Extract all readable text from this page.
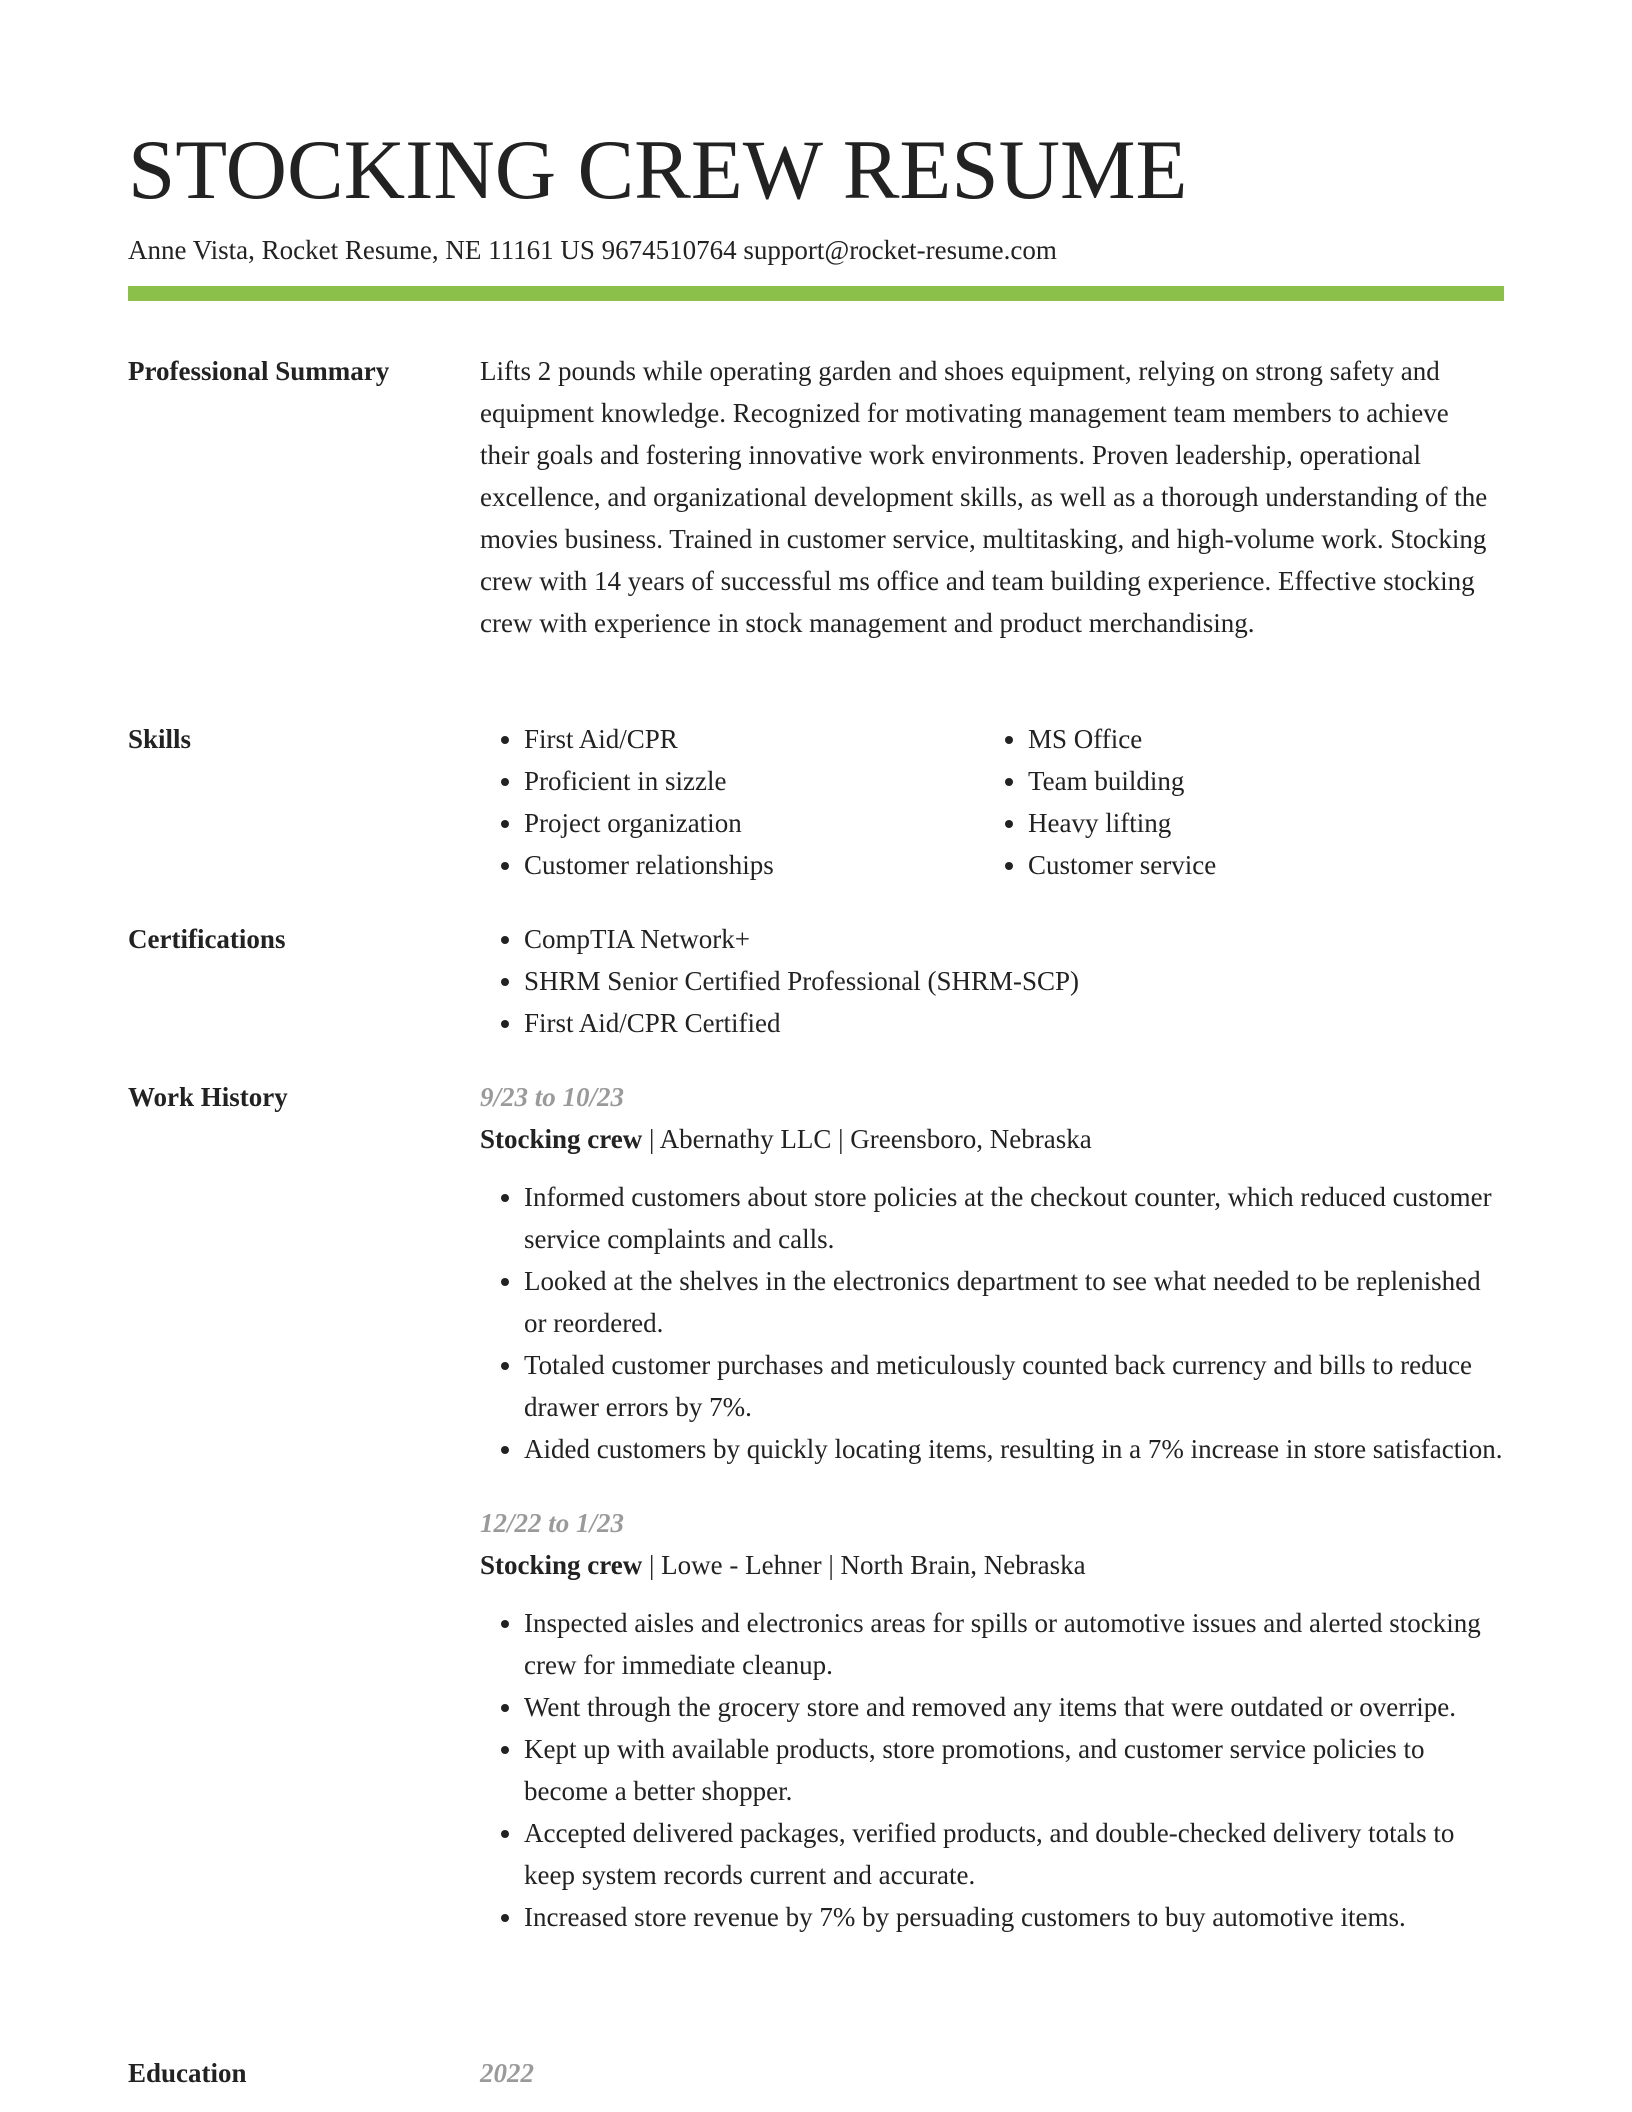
STOCKING CREW RESUME
Anne Vista, Rocket Resume, NE 11161 US 9674510764 support@rocket-resume.com
Professional Summary	Lifts 2 pounds while operating garden and shoes equipment, relying on strong safety and equipment knowledge. Recognized for motivating management team members to achieve their goals and fostering innovative work environments. Proven leadership, operational excellence, and organizational development skills, as well as a thorough understanding of the movies business. Trained in customer service, multitasking, and high-volume work. Stocking crew with 14 years of successful ms office and team building experience. Effective stocking crew with experience in stock management and product merchandising.

Skills	• First Aid/CPR
• Proficient in sizzle
• Project organization
• Customer relationships
• MS Office
• Team building
• Heavy lifting
• Customer service
Certifications	• CompTIA Network+
• SHRM Senior Certified Professional (SHRM-SCP)
• First Aid/CPR Certified
Work History	9/23 to 10/23
Stocking crew | Abernathy LLC | Greensboro, Nebraska
• Informed customers about store policies at the checkout counter, which reduced customer service complaints and calls.
• Looked at the shelves in the electronics department to see what needed to be replenished or reordered.
• Totaled customer purchases and meticulously counted back currency and bills to reduce drawer errors by 7%.
• Aided customers by quickly locating items, resulting in a 7% increase in store satisfaction.
12/22 to 1/23
Stocking crew | Lowe - Lehner | North Brain, Nebraska
• Inspected aisles and electronics areas for spills or automotive issues and alerted stocking crew for immediate cleanup.
• Went through the grocery store and removed any items that were outdated or overripe.
• Kept up with available products, store promotions, and customer service policies to become a better shopper.
• Accepted delivered packages, verified products, and double-checked delivery totals to keep system records current and accurate.
• Increased store revenue by 7% by persuading customers to buy automotive items.
Education	2022
